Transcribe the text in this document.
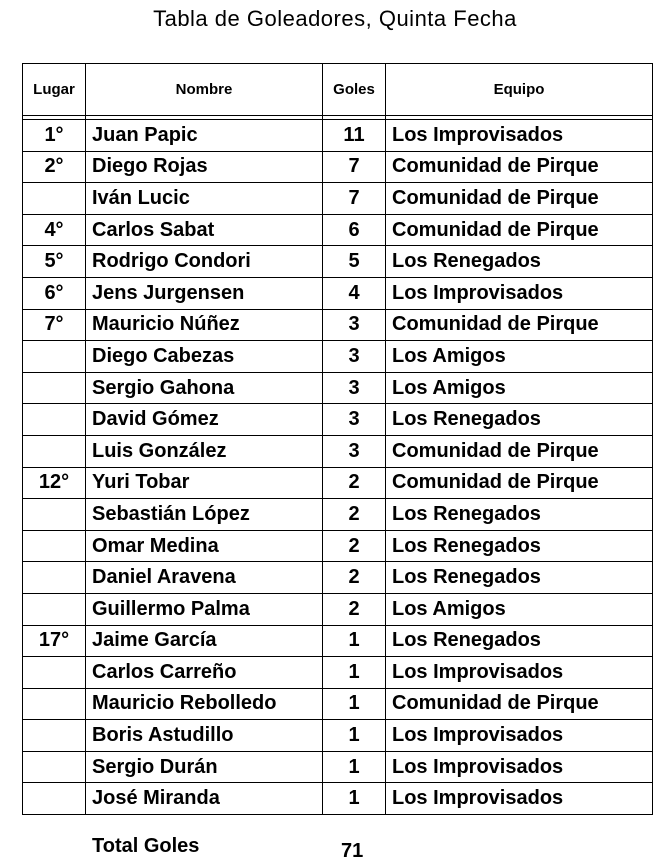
Tabla de Goleadores, Quinta Fecha
Lugar	Nombre	Goles	Equipo

1°	Juan Papic	11	Los Improvisados
2°	Diego Rojas	7	Comunidad de Pirque
	Iván Lucic	7	Comunidad de Pirque
4°	Carlos Sabat	6	Comunidad de Pirque
5°	Rodrigo Condori	5	Los Renegados
6°	Jens Jurgensen	4	Los Improvisados
7°	Mauricio Núñez	3	Comunidad de Pirque
	Diego Cabezas	3	Los Amigos
	Sergio Gahona	3	Los Amigos
	David Gómez	3	Los Renegados
	Luis González	3	Comunidad de Pirque
12°	Yuri Tobar	2	Comunidad de Pirque
	Sebastián López	2	Los Renegados
	Omar Medina	2	Los Renegados
	Daniel Aravena	2	Los Renegados
	Guillermo Palma	2	Los Amigos
17°	Jaime García	1	Los Renegados
	Carlos Carreño	1	Los Improvisados
	Mauricio Rebolledo	1	Comunidad de Pirque
	Boris Astudillo	1	Los Improvisados
	Sergio Durán	1	Los Improvisados
	José Miranda	1	Los Improvisados
Total Goles	71
